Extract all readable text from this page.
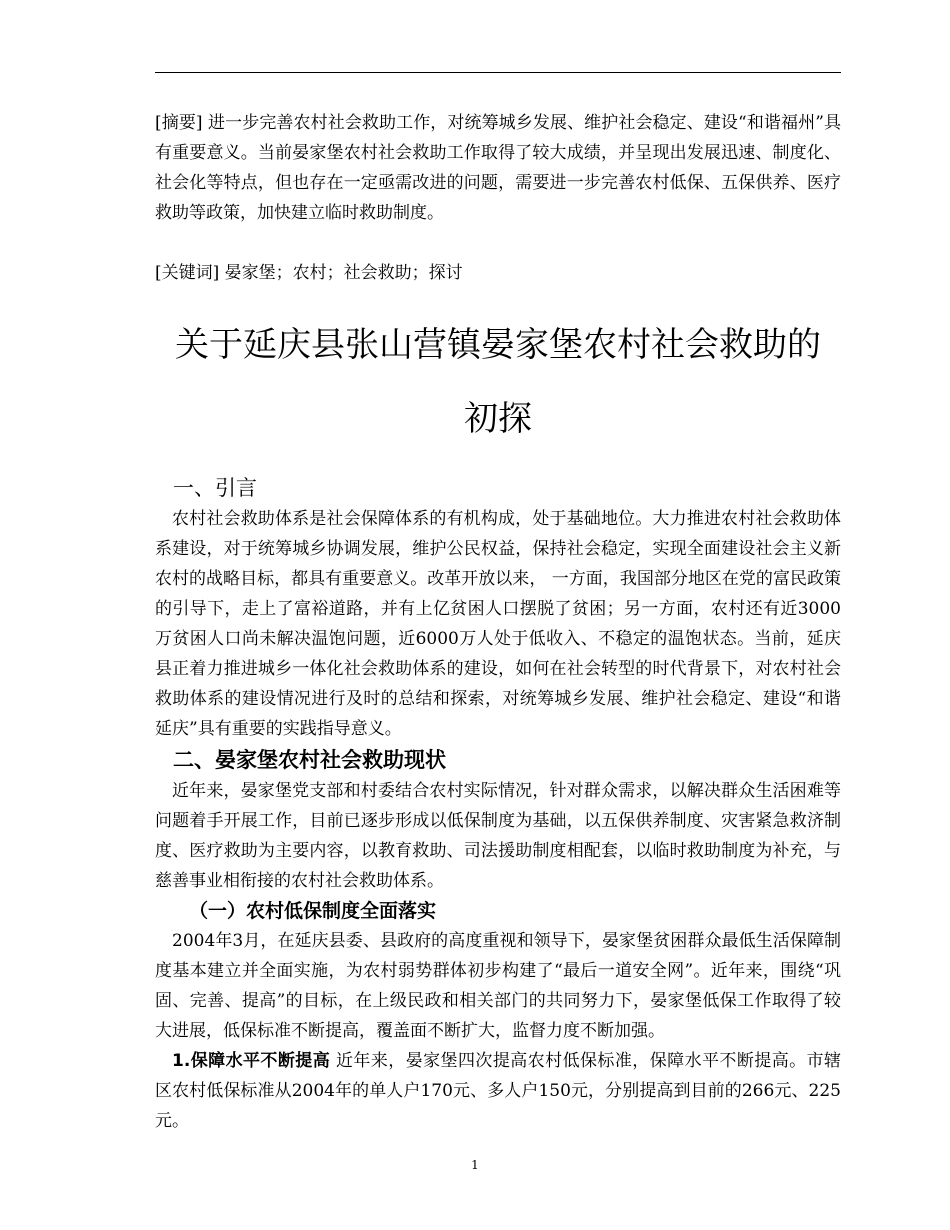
[摘要] 进一步完善农村社会救助工作，对统筹城乡发展、维护社会稳定、建设“和谐福州”具有重要意义。当前晏家堡农村社会救助工作取得了较大成绩，并呈现出发展迅速、制度化、社会化等特点，但也存在一定亟需改进的问题，需要进一步完善农村低保、五保供养、医疗救助等政策，加快建立临时救助制度。

[关键词] 晏家堡；农村；社会救助；探讨

关于延庆县张山营镇晏家堡农村社会救助的
初探
一、引言

农村社会救助体系是社会保障体系的有机构成，处于基础地位。大力推进农村社会救助体系建设，对于统筹城乡协调发展，维护公民权益，保持社会稳定，实现全面建设社会主义新农村的战略目标，都具有重要意义。改革开放以来， 一方面，我国部分地区在党的富民政策的引导下，走上了富裕道路，并有上亿贫困人口摆脱了贫困；另一方面，农村还有近3000万贫困人口尚未解决温饱问题，近6000万人处于低收入、不稳定的温饱状态。当前，延庆县正着力推进城乡一体化社会救助体系的建设，如何在社会转型的时代背景下，对农村社会救助体系的建设情况进行及时的总结和探索，对统筹城乡发展、维护社会稳定、建设“和谐延庆”具有重要的实践指导意义。

二、晏家堡农村社会救助现状

近年来，晏家堡党支部和村委结合农村实际情况，针对群众需求，以解决群众生活困难等问题着手开展工作，目前已逐步形成以低保制度为基础，以五保供养制度、灾害紧急救济制度、医疗救助为主要内容，以教育救助、司法援助制度相配套，以临时救助制度为补充，与慈善事业相衔接的农村社会救助体系。

（一）农村低保制度全面落实

2004年3月，在延庆县委、县政府的高度重视和领导下，晏家堡贫困群众最低生活保障制度基本建立并全面实施，为农村弱势群体初步构建了“最后一道安全网”。近年来，围绕“巩固、完善、提高”的目标，在上级民政和相关部门的共同努力下，晏家堡低保工作取得了较大进展，低保标准不断提高，覆盖面不断扩大，监督力度不断加强。

1.保障水平不断提高 近年来，晏家堡四次提高农村低保标准，保障水平不断提高。市辖区农村低保标准从2004年的单人户170元、多人户150元，分别提高到目前的266元、225元。

1
